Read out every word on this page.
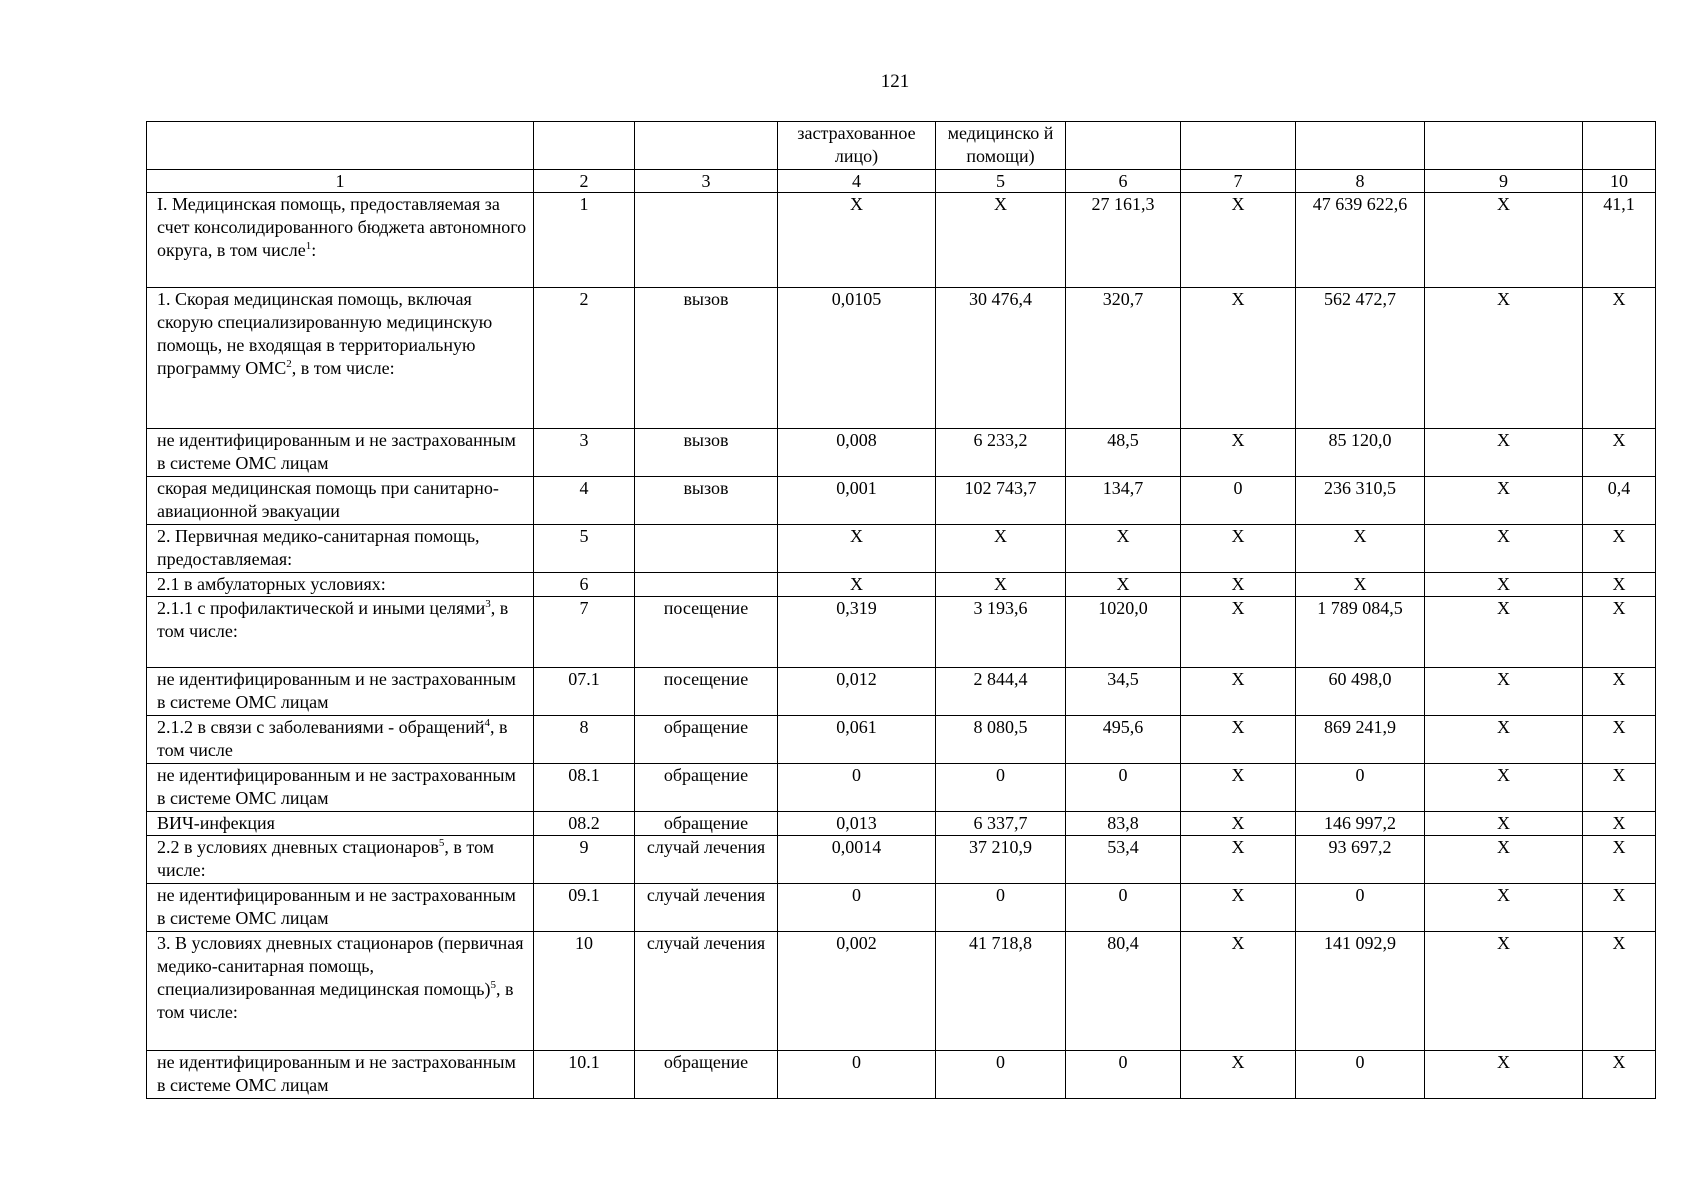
121
			застрахованное лицо)	медицинско й помощи)					
1	2	3	4	5	6	7	8	9	10
I. Медицинская помощь, предоставляемая за счет консолидированного бюджета автономного округа, в том числе$^1$:	1		X	X	27 161,3	X	47 639 622,6	X	41,1
1. Скорая медицинская помощь, включая скорую специализированную медицинскую помощь, не входящая в территориальную программу ОМС$^2$, в том числе:	2	вызов	0,0105	30 476,4	320,7	X	562 472,7	X	X
не идентифицированным и не застрахованным в системе ОМС лицам	3	вызов	0,008	6 233,2	48,5	X	85 120,0	X	X
скорая медицинская помощь при санитарно-авиационной эвакуации	4	вызов	0,001	102 743,7	134,7	0	236 310,5	X	0,4
2. Первичная медико-санитарная помощь, предоставляемая:	5		X	X	X	X	X	X	X
2.1 в амбулаторных условиях:	6		X	X	X	X	X	X	X
2.1.1 с профилактической и иными целями$^3$, в том числе:	7	посещение	0,319	3 193,6	1020,0	X	1 789 084,5	X	X
не идентифицированным и не застрахованным в системе ОМС лицам	07.1	посещение	0,012	2 844,4	34,5	X	60 498,0	X	X
2.1.2 в связи с заболеваниями - обращений$^4$, в том числе	8	обращение	0,061	8 080,5	495,6	X	869 241,9	X	X
не идентифицированным и не застрахованным в системе ОМС лицам	08.1	обращение	0	0	0	X	0	X	X
ВИЧ-инфекция	08.2	обращение	0,013	6 337,7	83,8	X	146 997,2	X	X
2.2 в условиях дневных стационаров$^5$, в том числе:	9	случай лечения	0,0014	37 210,9	53,4	X	93 697,2	X	X
не идентифицированным и не застрахованным в системе ОМС лицам	09.1	случай лечения	0	0	0	X	0	X	X
3. В условиях дневных стационаров (первичная медико-санитарная помощь, специализированная медицинская помощь)$^5$, в том числе:	10	случай лечения	0,002	41 718,8	80,4	X	141 092,9	X	X
не идентифицированным и не застрахованным в системе ОМС лицам	10.1	обращение	0	0	0	X	0	X	X
